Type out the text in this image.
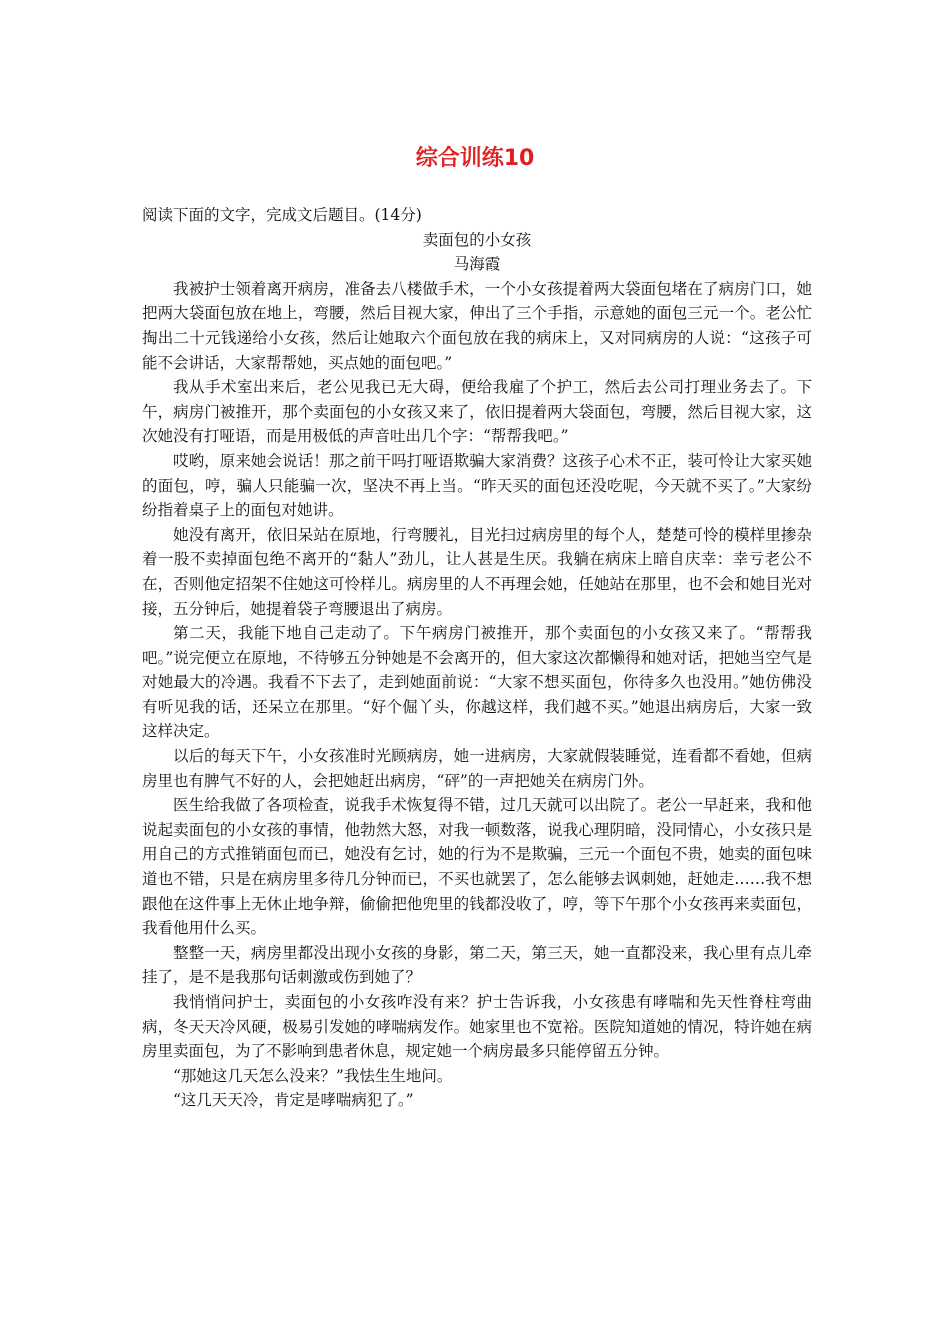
综合训练10

阅读下面的文字，完成文后题目。(14分)

卖面包的小女孩

马海霞

我被护士领着离开病房，准备去八楼做手术，一个小女孩提着两大袋面包堵在了病房门口，她把两大袋面包放在地上，弯腰，然后目视大家，伸出了三个手指，示意她的面包三元一个。老公忙掏出二十元钱递给小女孩，然后让她取六个面包放在我的病床上，又对同病房的人说：“这孩子可能不会讲话，大家帮帮她，买点她的面包吧。”

我从手术室出来后，老公见我已无大碍，便给我雇了个护工，然后去公司打理业务去了。下午，病房门被推开，那个卖面包的小女孩又来了，依旧提着两大袋面包，弯腰，然后目视大家，这次她没有打哑语，而是用极低的声音吐出几个字：“帮帮我吧。”

哎哟，原来她会说话！那之前干吗打哑语欺骗大家消费？这孩子心术不正，装可怜让大家买她的面包，哼，骗人只能骗一次，坚决不再上当。“昨天买的面包还没吃呢，今天就不买了。”大家纷纷指着桌子上的面包对她讲。

她没有离开，依旧呆站在原地，行弯腰礼，目光扫过病房里的每个人，楚楚可怜的模样里掺杂着一股不卖掉面包绝不离开的“黏人”劲儿，让人甚是生厌。我躺在病床上暗自庆幸：幸亏老公不在，否则他定招架不住她这可怜样儿。病房里的人不再理会她，任她站在那里，也不会和她目光对接，五分钟后，她提着袋子弯腰退出了病房。

第二天，我能下地自己走动了。下午病房门被推开，那个卖面包的小女孩又来了。“帮帮我吧。”说完便立在原地，不待够五分钟她是不会离开的，但大家这次都懒得和她对话，把她当空气是对她最大的冷遇。我看不下去了，走到她面前说：“大家不想买面包，你待多久也没用。”她仿佛没有听见我的话，还呆立在那里。“好个倔丫头，你越这样，我们越不买。”她退出病房后，大家一致这样决定。

以后的每天下午，小女孩准时光顾病房，她一进病房，大家就假装睡觉，连看都不看她，但病房里也有脾气不好的人，会把她赶出病房，“砰”的一声把她关在病房门外。

医生给我做了各项检查，说我手术恢复得不错，过几天就可以出院了。老公一早赶来，我和他说起卖面包的小女孩的事情，他勃然大怒，对我一顿数落，说我心理阴暗，没同情心，小女孩只是用自己的方式推销面包而已，她没有乞讨，她的行为不是欺骗，三元一个面包不贵，她卖的面包味道也不错，只是在病房里多待几分钟而已，不买也就罢了，怎么能够去讽刺她，赶她走……我不想跟他在这件事上无休止地争辩，偷偷把他兜里的钱都没收了，哼，等下午那个小女孩再来卖面包，我看他用什么买。

整整一天，病房里都没出现小女孩的身影，第二天，第三天，她一直都没来，我心里有点儿牵挂了，是不是我那句话刺激或伤到她了？

我悄悄问护士，卖面包的小女孩咋没有来？护士告诉我，小女孩患有哮喘和先天性脊柱弯曲病，冬天天冷风硬，极易引发她的哮喘病发作。她家里也不宽裕。医院知道她的情况，特许她在病房里卖面包，为了不影响到患者休息，规定她一个病房最多只能停留五分钟。

“那她这几天怎么没来？”我怯生生地问。

“这几天天冷，肯定是哮喘病犯了。”
